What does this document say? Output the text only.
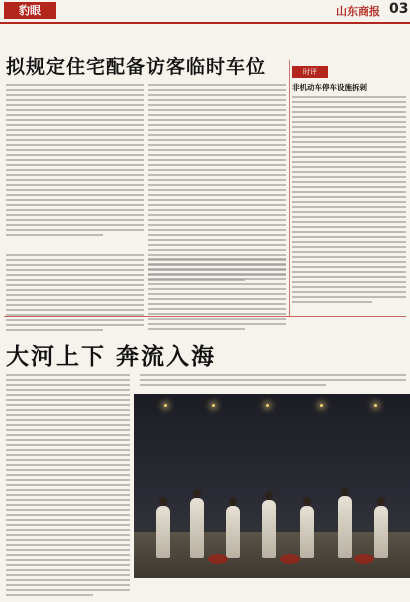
豹眼	山东商报 03
拟规定住宅配备访客临时车位	时评
非机动车停车设施拆剁
大河上下 奔流入海
